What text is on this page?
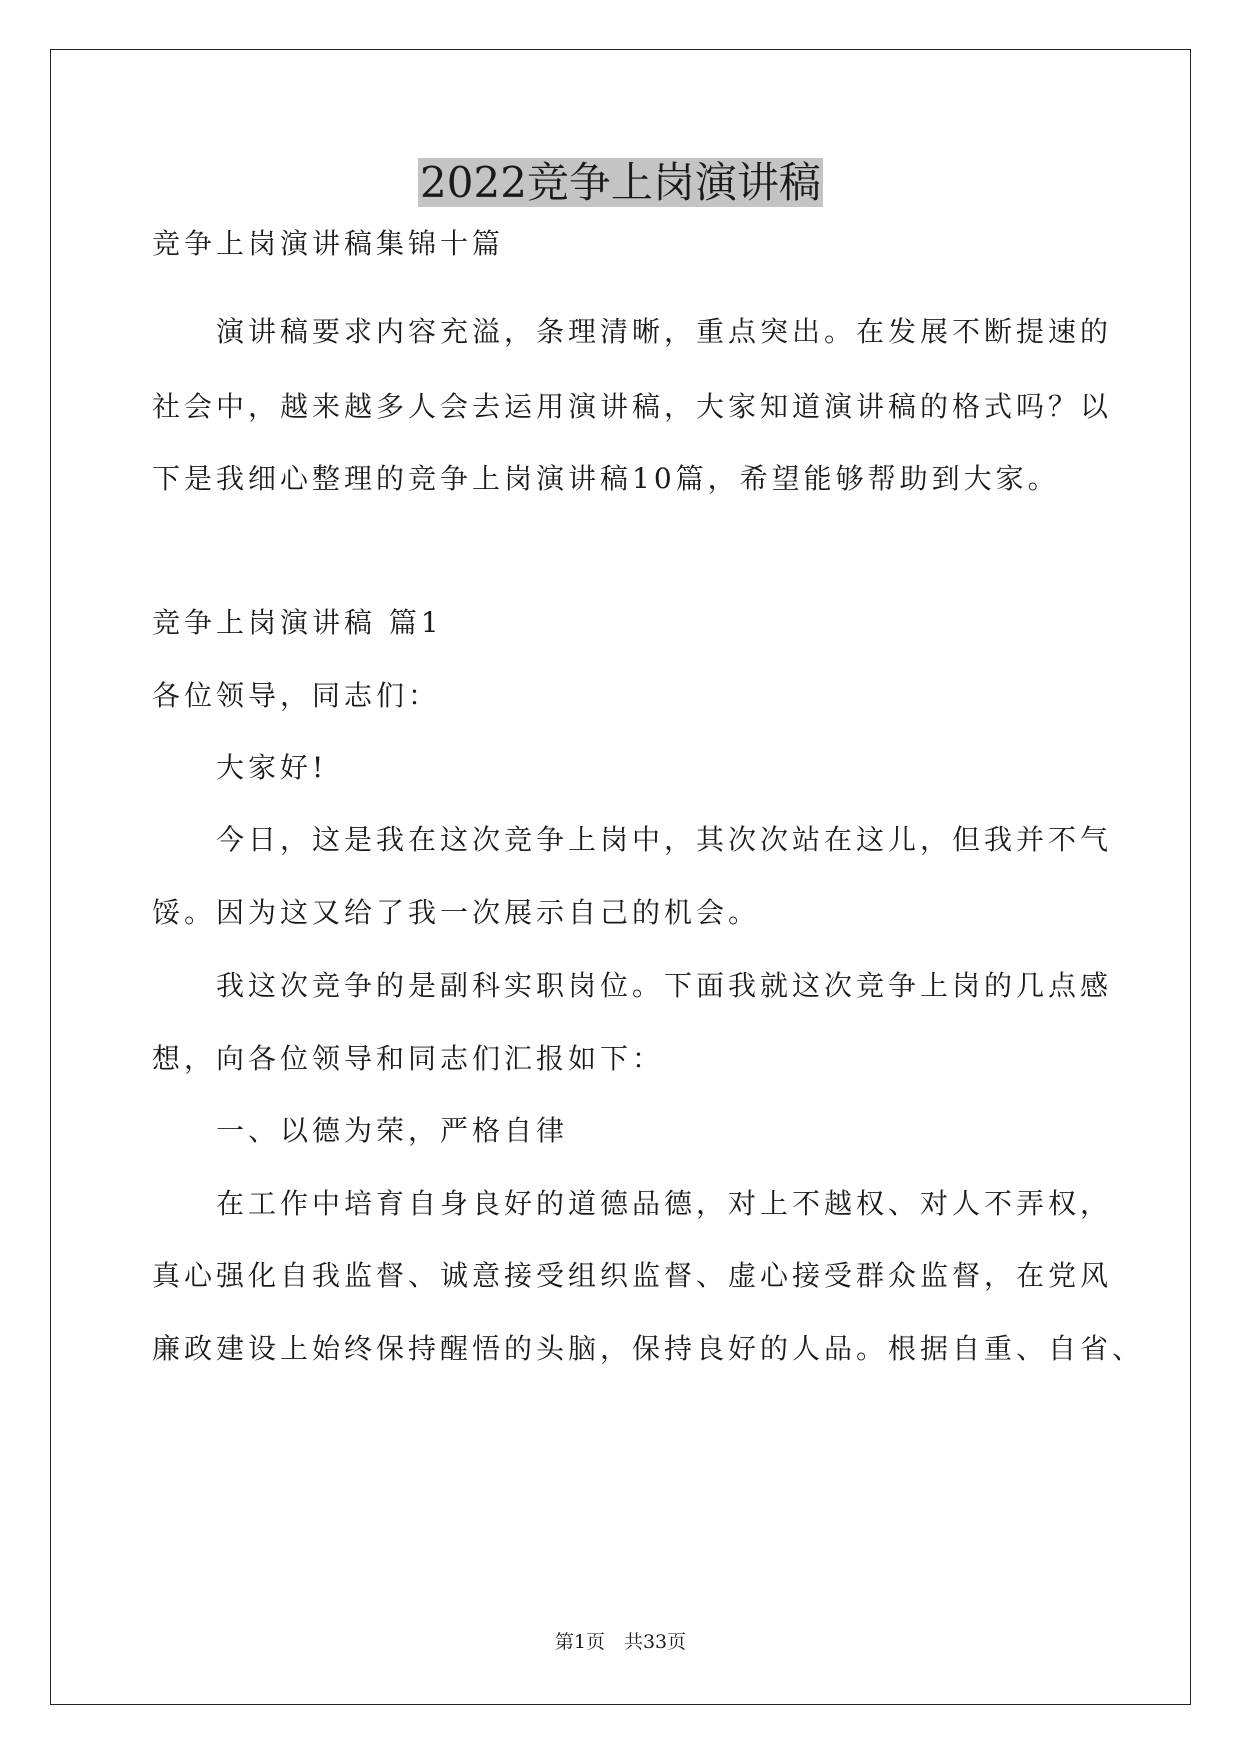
2022竞争上岗演讲稿
竞争上岗演讲稿集锦十篇
　　演讲稿要求内容充溢，条理清晰，重点突出。在发展不断提速的
社会中，越来越多人会去运用演讲稿，大家知道演讲稿的格式吗？以
下是我细心整理的竞争上岗演讲稿10篇，希望能够帮助到大家。
竞争上岗演讲稿 篇1
各位领导，同志们：
　　大家好!
　　今日，这是我在这次竞争上岗中，其次次站在这儿，但我并不气
馁。因为这又给了我一次展示自己的机会。
　　我这次竞争的是副科实职岗位。下面我就这次竞争上岗的几点感
想，向各位领导和同志们汇报如下：
　　一、以德为荣，严格自律
　　在工作中培育自身良好的道德品德，对上不越权、对人不弄权，
真心强化自我监督、诚意接受组织监督、虚心接受群众监督，在党风
廉政建设上始终保持醒悟的头脑，保持良好的人品。根据自重、自省、
第1页　共33页
